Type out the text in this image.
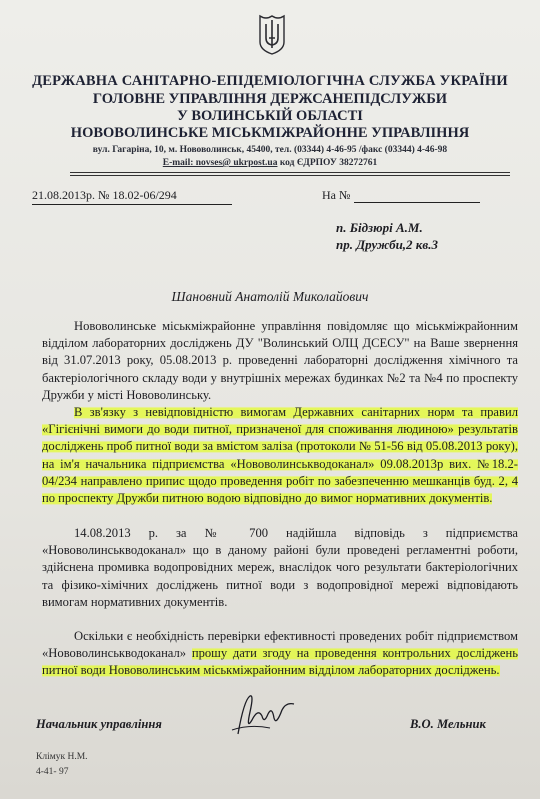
ДЕРЖАВНА САНІТАРНО-ЕПІДЕМІОЛОГІЧНА СЛУЖБА УКРАЇНИ
ГОЛОВНЕ УПРАВЛІННЯ ДЕРЖСАНЕПІДСЛУЖБИ
У ВОЛИНСЬКІЙ ОБЛАСТІ
НОВОВОЛИНСЬКЕ МІСЬКМІЖРАЙОННЕ УПРАВЛІННЯ
вул. Гагаріна, 10, м. Нововолинськ, 45400, тел. (03344) 4-46-95 /факс (03344) 4-46-98
E-mail: novses@ ukrpost.ua код ЄДРПОУ 38272761
21.08.2013р. № 18.02-06/294	На №
п. Бідзюрі А.М.
пр. Дружби,2 кв.3
Шановний Анатолій Миколайович
Нововолинське міськміжрайонне управління повідомляє що міськміжрайонним відділом лабораторних досліджень ДУ "Волинський ОЛЦ ДСЕСУ" на Ваше звернення від 31.07.2013 року, 05.08.2013 р. проведенні лабораторні дослідження хімічного та бактеріологічного складу води у внутрішніх мережах будинках №2 та №4 по проспекту Дружби у місті Нововолинську.
В зв'язку з невідповідністю вимогам Державних санітарних норм та правил «Гігієнічні вимоги до води питної, призначеної для споживання людиною» результатів досліджень проб питної води за вмістом заліза (протоколи № 51-56 від 05.08.2013 року), на ім'я начальника підприємства «Нововолинськводоканал» 09.08.2013р вих. №18.2-04/234 направлено припис щодо проведення робіт по забезпеченню мешканців буд. 2, 4 по проспекту Дружби питною водою відповідно до вимог нормативних документів.
14.08.2013 р. за № 700 надійшла відповідь з підприємства «Нововолинськводоканал» що в даному районі були проведені регламентні роботи, здійснена промивка водопровідних мереж, внаслідок чого результати бактеріологічних та фізико-хімічних досліджень питної води з водопровідної мережі відповідають вимогам нормативних документів.
Оскільки є необхідність перевірки ефективності проведених робіт підприємством «Нововолинськводоканал» прошу дати згоду на проведення контрольних досліджень питної води Нововолинським міськміжрайонним відділом лабораторних досліджень.
Начальник управління	В.О. Мельник
Клімук Н.М.
4-41- 97
